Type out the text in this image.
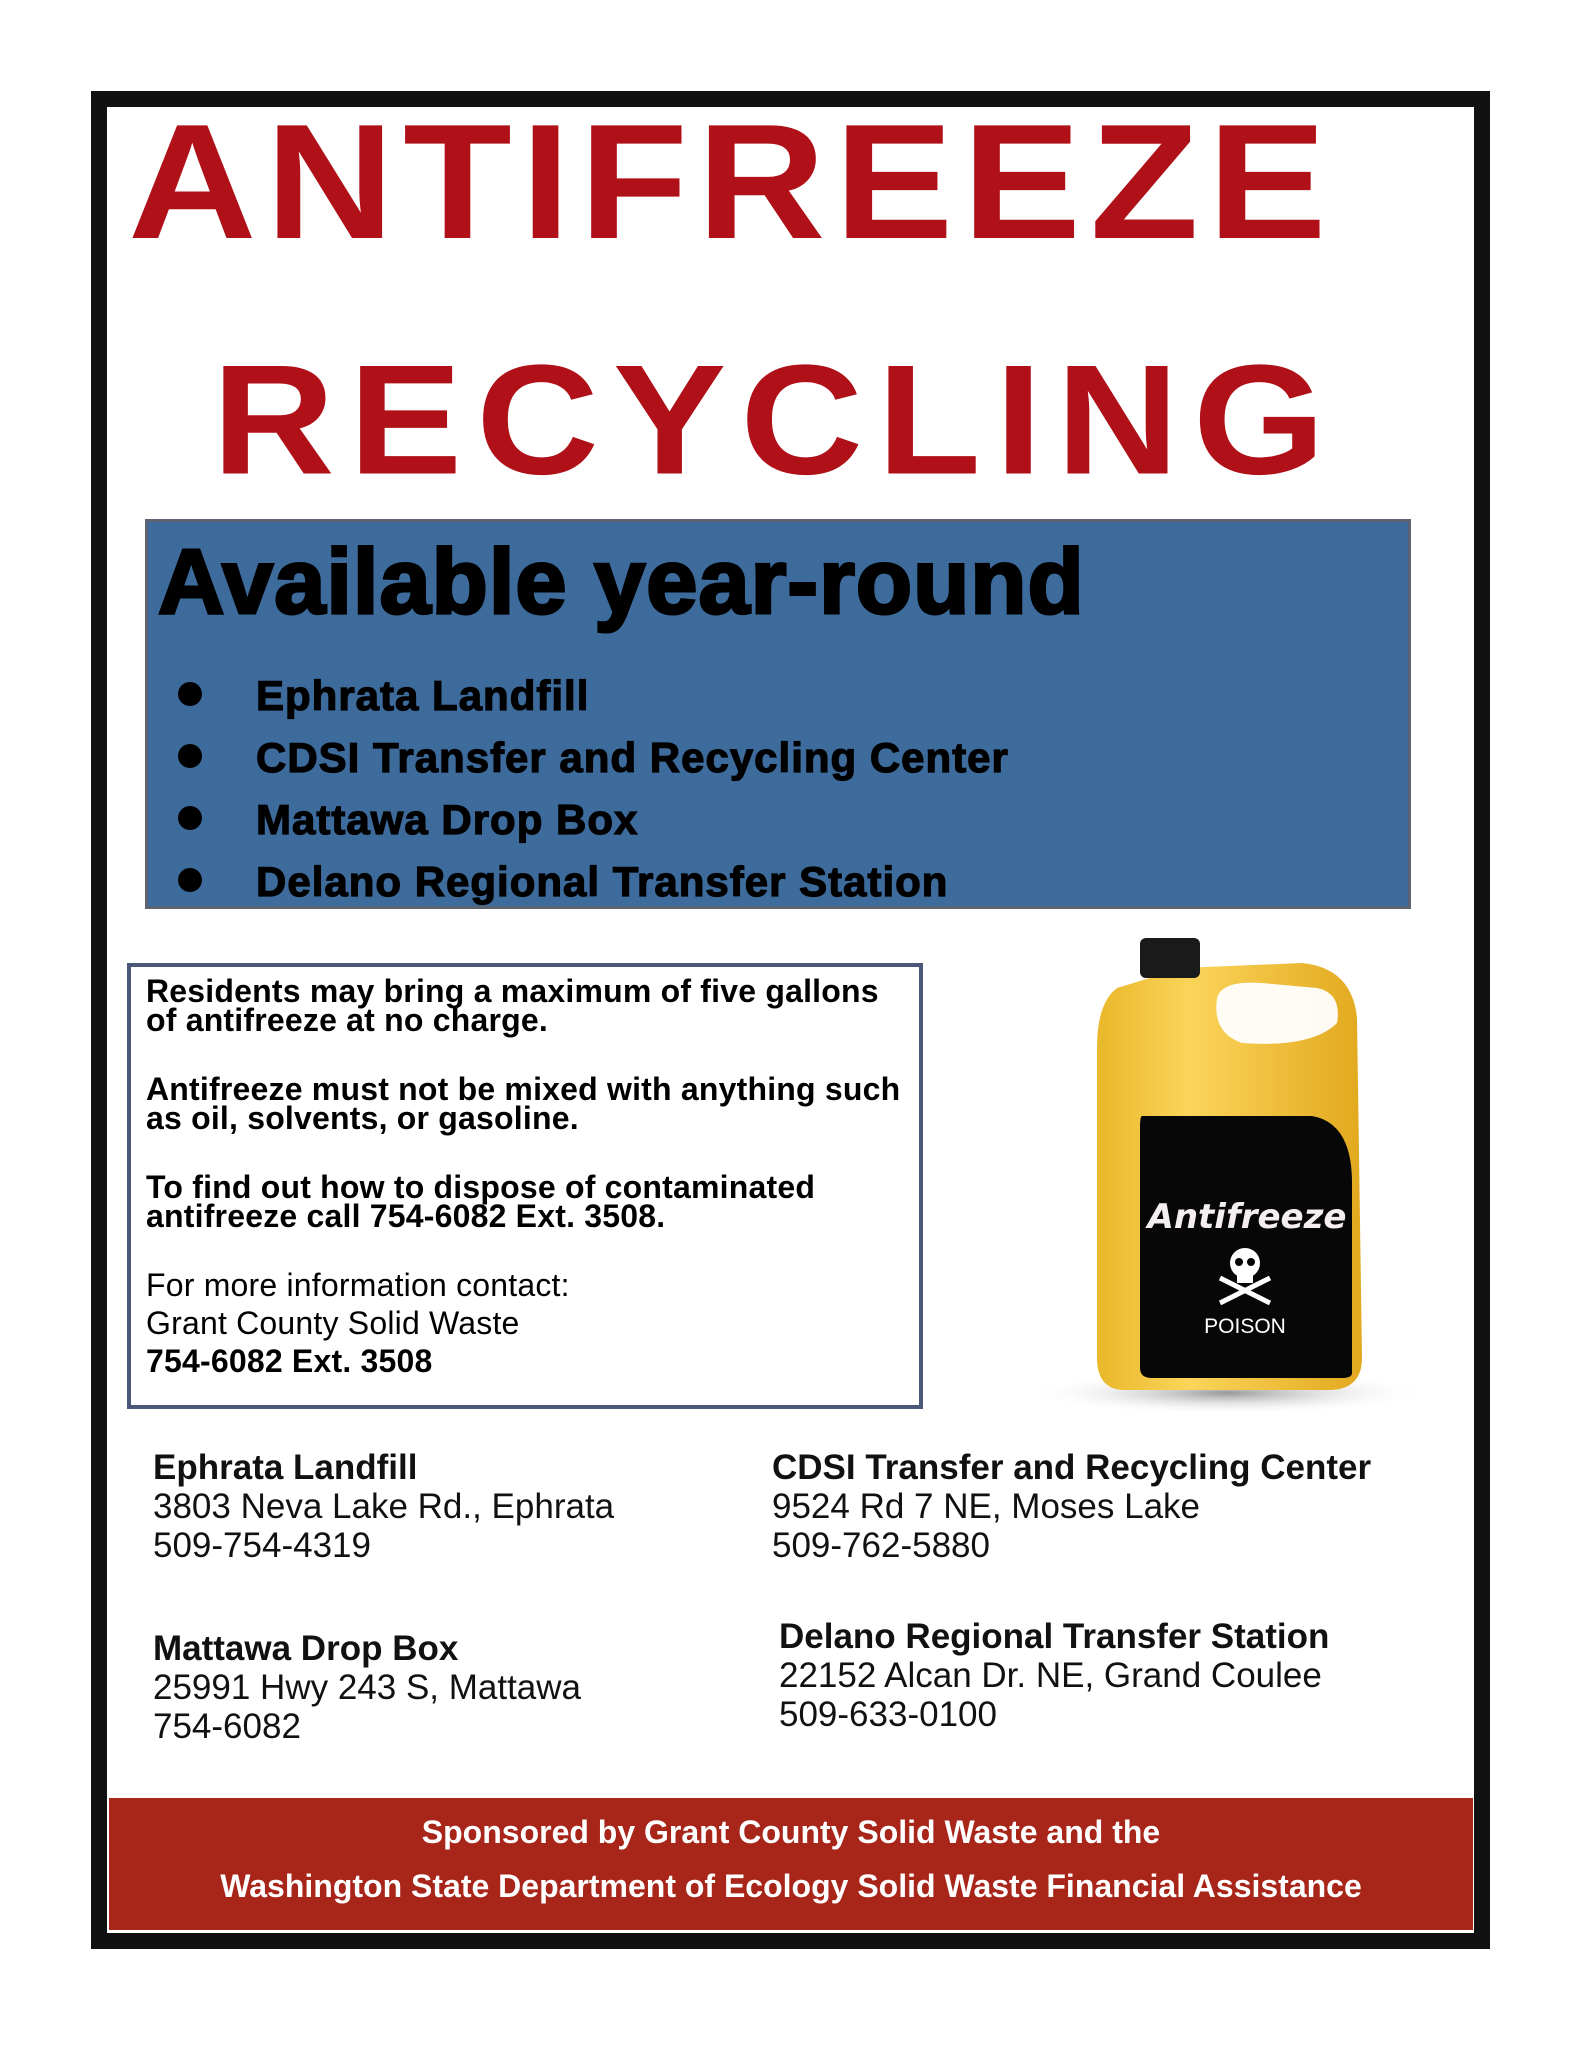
ANTIFREEZE
RECYCLING
Available year-round
Ephrata Landfill
CDSI Transfer and Recycling Center
Mattawa Drop Box
Delano Regional Transfer Station

Residents may bring a maximum of five gallons of antifreeze at no charge.

Antifreeze must not be mixed with anything such as oil, solvents, or gasoline.

To find out how to dispose of contaminated antifreeze call 754-6082 Ext. 3508.

For more information contact:

Grant County Solid Waste

754-6082 Ext. 3508

Antifreeze
POISON
Ephrata Landfill
3803 Neva Lake Rd., Ephrata
509-754-4319
CDSI Transfer and Recycling Center
9524 Rd 7 NE, Moses Lake
509-762-5880
Mattawa Drop Box
25991 Hwy 243 S, Mattawa
754-6082
Delano Regional Transfer Station
22152 Alcan Dr. NE, Grand Coulee
509-633-0100
Sponsored by Grant County Solid Waste and the
Washington State Department of Ecology Solid Waste Financial Assistance
